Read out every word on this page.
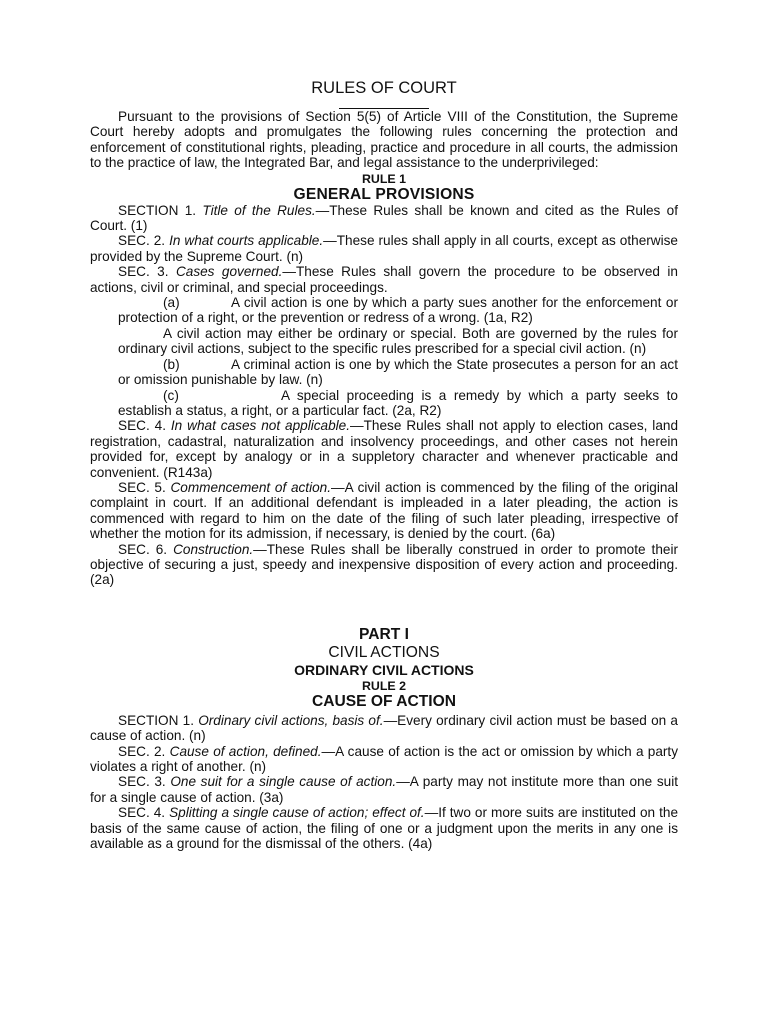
RULES OF COURT

Pursuant to the provisions of Section 5(5) of Article VIII of the Constitution, the Supreme Court hereby adopts and promulgates the following rules concerning the protection and enforcement of constitutional rights, pleading, practice and procedure in all courts, the admission to the practice of law, the Integrated Bar, and legal assistance to the underprivileged:

RULE 1
GENERAL PROVISIONS

SECTION 1. Title of the Rules.—These Rules shall be known and cited as the Rules of Court. (1)

SEC. 2. In what courts applicable.—These rules shall apply in all courts, except as otherwise provided by the Supreme Court. (n)

SEC. 3. Cases governed.—These Rules shall govern the procedure to be observed in actions, civil or criminal, and special proceedings.

(a)	A civil action is one by which a party sues another for the enforcement or protection of a right, or the prevention or redress of a wrong. (1a, R2)

A civil action may either be ordinary or special. Both are governed by the rules for ordinary civil actions, subject to the specific rules prescribed for a special civil action. (n)

(b)	A criminal action is one by which the State prosecutes a person for an act or omission punishable by law. (n)

(c)	A special proceeding is a remedy by which a party seeks to establish a status, a right, or a particular fact. (2a, R2)

SEC. 4. In what cases not applicable.—These Rules shall not apply to election cases, land registration, cadastral, naturalization and insolvency proceedings, and other cases not herein provided for, except by analogy or in a suppletory character and whenever practicable and convenient. (R143a)

SEC. 5. Commencement of action.—A civil action is commenced by the filing of the original complaint in court. If an additional defendant is impleaded in a later pleading, the action is commenced with regard to him on the date of the filing of such later pleading, irrespective of whether the motion for its admission, if necessary, is denied by the court. (6a)

SEC. 6. Construction.—These Rules shall be liberally construed in order to promote their objective of securing a just, speedy and inexpensive disposition of every action and proceeding. (2a)

PART I
CIVIL ACTIONS
ORDINARY CIVIL ACTIONS
RULE 2
CAUSE OF ACTION

SECTION 1. Ordinary civil actions, basis of.—Every ordinary civil action must be based on a cause of action. (n)

SEC. 2. Cause of action, defined.—A cause of action is the act or omission by which a party violates a right of another. (n)

SEC. 3. One suit for a single cause of action.—A party may not institute more than one suit for a single cause of action. (3a)

SEC. 4. Splitting a single cause of action; effect of.—If two or more suits are instituted on the basis of the same cause of action, the filing of one or a judgment upon the merits in any one is available as a ground for the dismissal of the others. (4a)
